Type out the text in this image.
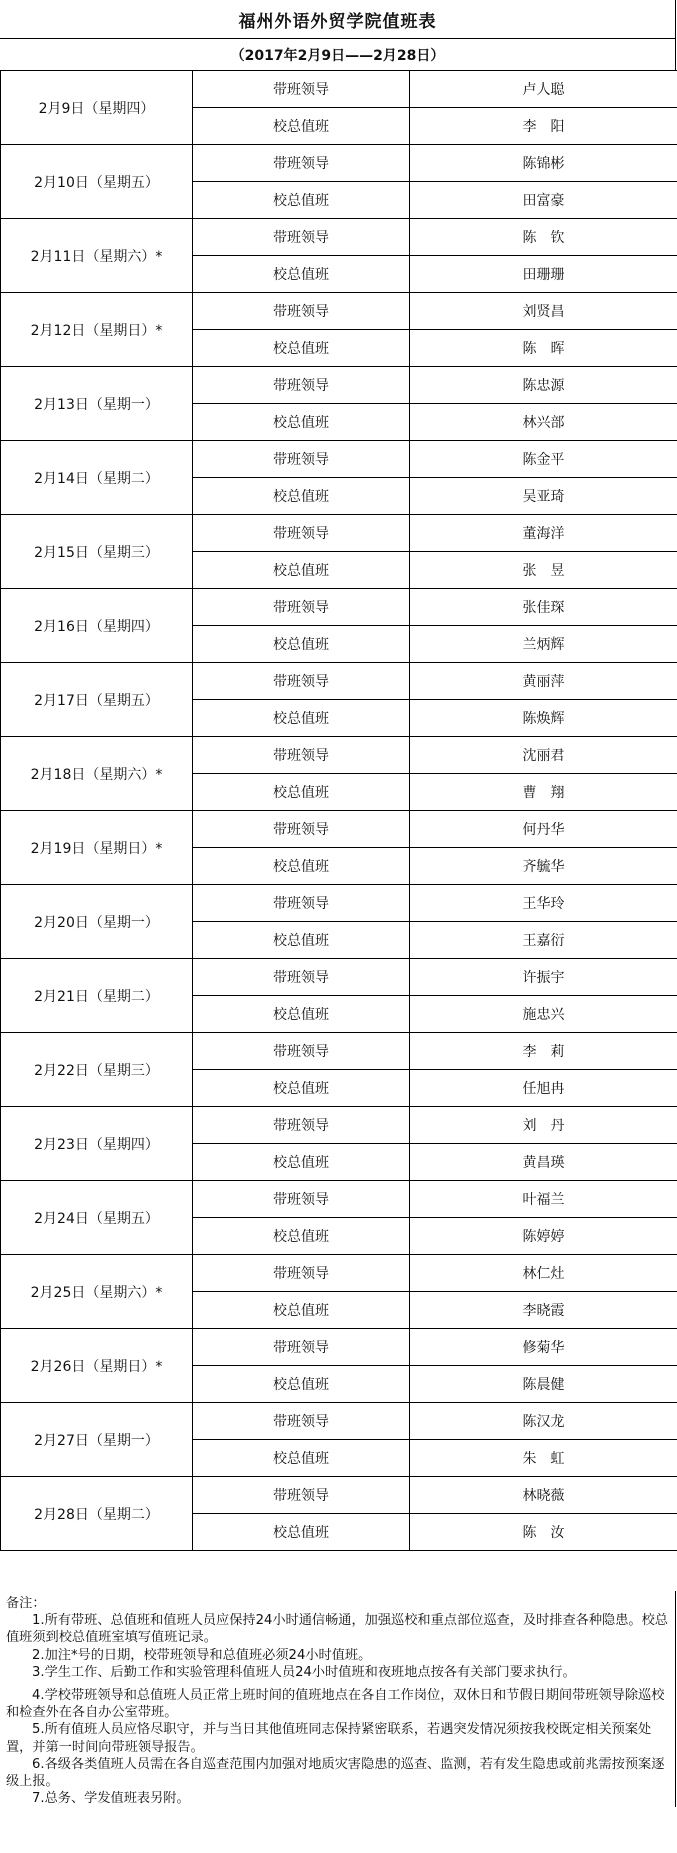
福州外语外贸学院值班表
（2017年2月9日——2月28日）
2月9日（星期四）	带班领导	卢人聪
	校总值班	李　阳
2月10日（星期五）	带班领导	陈锦彬
	校总值班	田富豪
2月11日（星期六）*	带班领导	陈　钦
	校总值班	田珊珊
2月12日（星期日）*	带班领导	刘贤昌
	校总值班	陈　晖
2月13日（星期一）	带班领导	陈忠源
	校总值班	林兴部
2月14日（星期二）	带班领导	陈金平
	校总值班	吴亚琦
2月15日（星期三）	带班领导	董海洋
	校总值班	张　昱
2月16日（星期四）	带班领导	张佳琛
	校总值班	兰炳辉
2月17日（星期五）	带班领导	黄丽萍
	校总值班	陈焕辉
2月18日（星期六）*	带班领导	沈丽君
	校总值班	曹　翔
2月19日（星期日）*	带班领导	何丹华
	校总值班	齐毓华
2月20日（星期一）	带班领导	王华玲
	校总值班	王嘉衍
2月21日（星期二）	带班领导	许振宇
	校总值班	施忠兴
2月22日（星期三）	带班领导	李　莉
	校总值班	任旭冉
2月23日（星期四）	带班领导	刘　丹
	校总值班	黄昌瑛
2月24日（星期五）	带班领导	叶福兰
	校总值班	陈婷婷
2月25日（星期六）*	带班领导	林仁灶
	校总值班	李晓霞
2月26日（星期日）*	带班领导	修菊华
	校总值班	陈晨健
2月27日（星期一）	带班领导	陈汉龙
	校总值班	朱　虹
2月28日（星期二）	带班领导	林晓薇
	校总值班	陈　汝

备注：

1.所有带班、总值班和值班人员应保持24小时通信畅通，加强巡校和重点部位巡查，及时排查各种隐患。校总值班须到校总值班室填写值班记录。

2.加注*号的日期，校带班领导和总值班必须24小时值班。

3.学生工作、后勤工作和实验管理科值班人员24小时值班和夜班地点按各有关部门要求执行。

4.学校带班领导和总值班人员正常上班时间的值班地点在各自工作岗位，双休日和节假日期间带班领导除巡校和检查外在各自办公室带班。

5.所有值班人员应恪尽职守，并与当日其他值班同志保持紧密联系，若遇突发情况须按我校既定相关预案处置，并第一时间向带班领导报告。

6.各级各类值班人员需在各自巡查范围内加强对地质灾害隐患的巡查、监测，若有发生隐患或前兆需按预案逐级上报。

7.总务、学发值班表另附。
